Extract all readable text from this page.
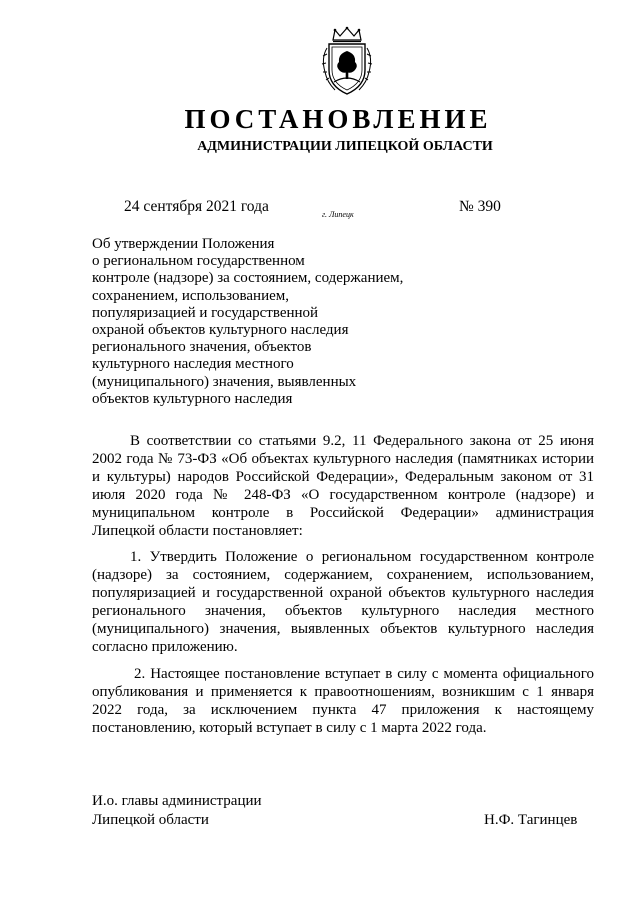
ПОСТАНОВЛЕНИЕ
АДМИНИСТРАЦИИ ЛИПЕЦКОЙ ОБЛАСТИ
24 сентября 2021 года	г. Липецк	№ 390
Об утверждении Положения
о региональном государственном
контроле (надзоре) за состоянием, содержанием,
сохранением, использованием,
популяризацией и государственной
охраной объектов культурного наследия
регионального значения, объектов
культурного наследия местного
(муниципального) значения, выявленных
объектов культурного наследия
В соответствии со статьями 9.2, 11 Федерального закона от 25 июня 2002 года № 73-ФЗ «Об объектах культурного наследия (памятниках истории и культуры) народов Российской Федерации», Федеральным законом от 31 июля 2020 года № 248-ФЗ «О государственном контроле (надзоре) и муниципальном контроле в Российской Федерации» администрация Липецкой области постановляет:
1. Утвердить Положение о региональном государственном контроле (надзоре) за состоянием, содержанием, сохранением, использованием, популяризацией и государственной охраной объектов культурного наследия регионального значения, объектов культурного наследия местного (муниципального) значения, выявленных объектов культурного наследия согласно приложению.
2. Настоящее постановление вступает в силу с момента официального опубликования и применяется к правоотношениям, возникшим с 1 января 2022 года, за исключением пункта 47 приложения к настоящему постановлению, который вступает в силу с 1 марта 2022 года.
И.о. главы администрации
Липецкой области	Н.Ф. Тагинцев
